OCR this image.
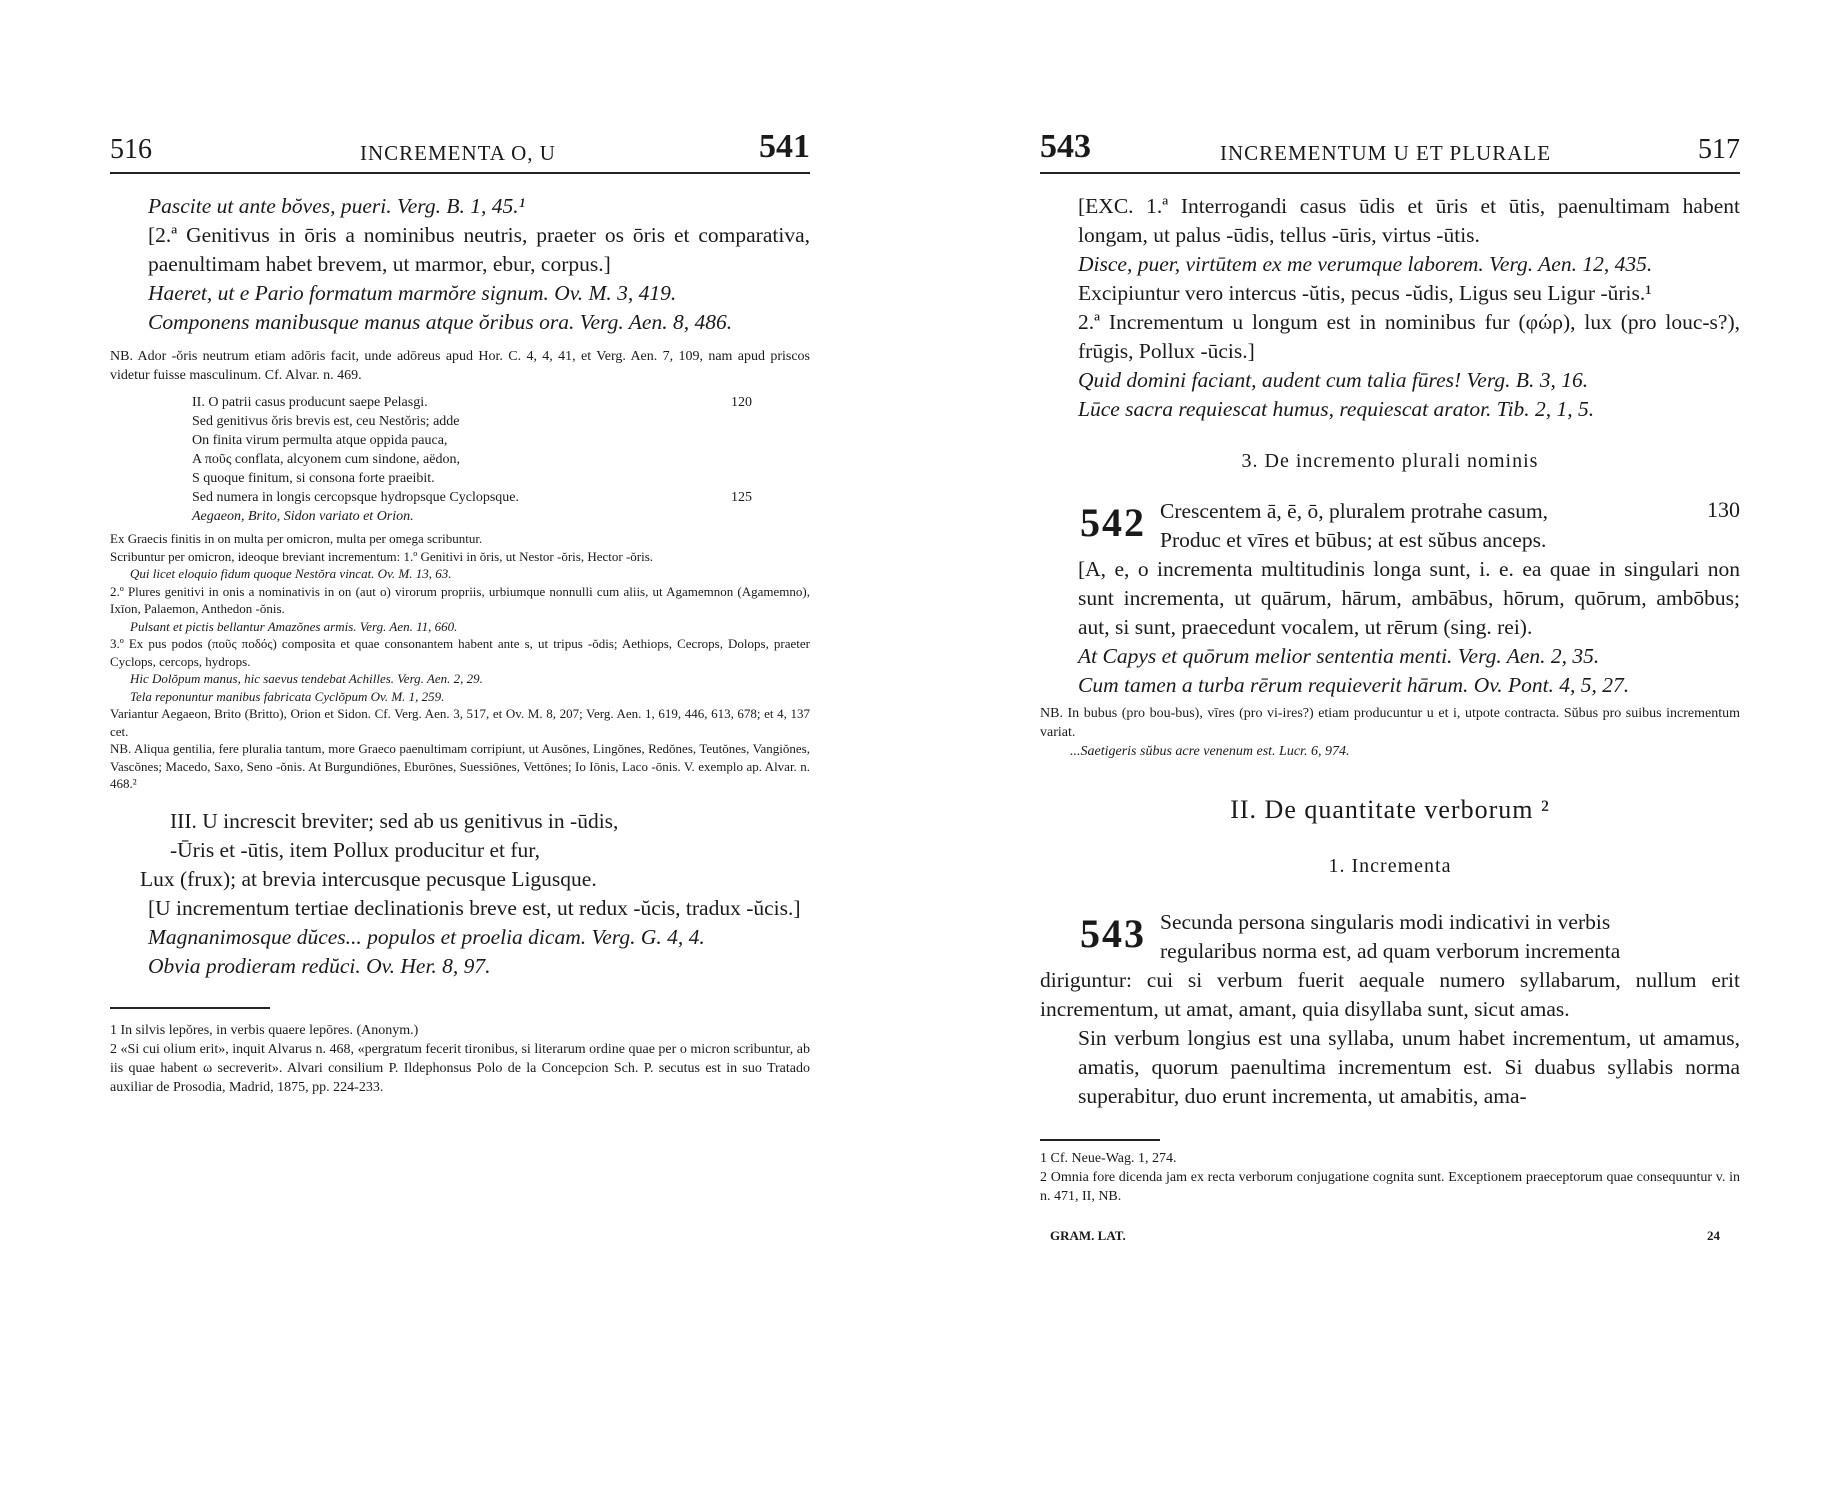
516	INCREMENTA O, U	541

Pascite ut ante bŏves, pueri. Verg. B. 1, 45.¹

[2.ª Genitivus in ōris a nominibus neutris, praeter os ōris et comparativa, paenultimam habet brevem, ut marmor, ebur, corpus.]

Haeret, ut e Pario formatum marmŏre signum. Ov. M. 3, 419.

Componens manibusque manus atque ŏribus ora. Verg. Aen. 8, 486.

NB. Ador -ŏris neutrum etiam adōris facit, unde adōreus apud Hor. C. 4, 4, 41, et Verg. Aen. 7, 109, nam apud priscos videtur fuisse masculinum. Cf. Alvar. n. 469.

II. O patrii casus producunt saepe Pelasgi.	120
Sed genitivus ŏris brevis est, ceu Nestŏris; adde
On finita virum permulta atque oppida pauca,
A ποῦς conflata, alcyonem cum sindone, aëdon,
S quoque finitum, si consona forte praeibit.
Sed numera in longis cercopsque hydropsque Cyclopsque.	125
Aegaeon, Brito, Sidon variato et Orion.

Ex Graecis finitis in on multa per omicron, multa per omega scribuntur.

Scribuntur per omicron, ideoque breviant incrementum: 1.º Genitivi in ŏris, ut Nestor -ŏris, Hector -ŏris.

Qui licet eloquio fidum quoque Nestŏra vincat. Ov. M. 13, 63.

2.º Plures genitivi in onis a nominativis in on (aut o) virorum propriis, urbiumque nonnulli cum aliis, ut Agamemnon (Agamemno), Ixīon, Palaemon, Anthedon -ŏnis.

Pulsant et pictis bellantur Amazŏnes armis. Verg. Aen. 11, 660.

3.º Ex pus podos (ποῦς ποδός) composita et quae consonantem habent ante s, ut tripus -ŏdis; Aethiops, Cecrops, Dolops, praeter Cyclops, cercops, hydrops.

Hic Dolŏpum manus, hic saevus tendebat Achilles. Verg. Aen. 2, 29.

Tela reponuntur manibus fabricata Cyclŏpum Ov. M. 1, 259.

Variantur Aegaeon, Brito (Britto), Orion et Sidon. Cf. Verg. Aen. 3, 517, et Ov. M. 8, 207; Verg. Aen. 1, 619, 446, 613, 678; et 4, 137 cet.

NB. Aliqua gentilia, fere pluralia tantum, more Graeco paenultimam corripiunt, ut Ausŏnes, Lingŏnes, Redŏnes, Teutŏnes, Vangiŏnes, Vascŏnes; Macedo, Saxo, Seno -ŏnis. At Burgundiōnes, Eburōnes, Suessiōnes, Vettōnes; Io Iōnis, Laco -ōnis. V. exemplo ap. Alvar. n. 468.²

III. U increscit breviter; sed ab us genitivus in -ūdis,

-Ūris et -ūtis, item Pollux producitur et fur,

Lux (frux); at brevia intercusque pecusque Ligusque.

[U incrementum tertiae declinationis breve est, ut redux -ŭcis, tradux -ŭcis.]

Magnanimosque dŭces... populos et proelia dicam. Verg. G. 4, 4.

Obvia prodieram redŭci. Ov. Her. 8, 97.

1 In silvis lepŏres, in verbis quaere lepōres. (Anonym.)

2 «Si cui olium erit», inquit Alvarus n. 468, «pergratum fecerit tironibus, si literarum ordine quae per o micron scribuntur, ab iis quae habent ω secreverit». Alvari consilium P. Ildephonsus Polo de la Concepcion Sch. P. secutus est in suo Tratado auxiliar de Prosodia, Madrid, 1875, pp. 224-233.

543	INCREMENTUM U ET PLURALE	517

[EXC. 1.ª Interrogandi casus ūdis et ūris et ūtis, paenultimam habent longam, ut palus -ūdis, tellus -ūris, virtus -ūtis.

Disce, puer, virtūtem ex me verumque laborem. Verg. Aen. 12, 435.

Excipiuntur vero intercus -ŭtis, pecus -ŭdis, Ligus seu Ligur -ŭris.¹

2.ª Incrementum u longum est in nominibus fur (φώρ), lux (pro louc-s?), frūgis, Pollux -ūcis.]

Quid domini faciant, audent cum talia fūres! Verg. B. 3, 16.

Lūce sacra requiescat humus, requiescat arator. Tib. 2, 1, 5.

3. De incremento plurali nominis
542	130

Crescentem ā, ē, ō, pluralem protrahe casum,

Produc et vīres et būbus; at est sŭbus anceps.

[A, e, o incrementa multitudinis longa sunt, i. e. ea quae in singulari non sunt incrementa, ut quārum, hārum, ambābus, hōrum, quōrum, ambōbus; aut, si sunt, praecedunt vocalem, ut rērum (sing. rei).

At Capys et quōrum melior sententia menti. Verg. Aen. 2, 35.

Cum tamen a turba rērum requieverit hārum. Ov. Pont. 4, 5, 27.

NB. In bubus (pro bou-bus), vīres (pro vi-ires?) etiam producuntur u et i, utpote contracta. Sŭbus pro suibus incrementum variat.

...Saetigeris sŭbus acre venenum est. Lucr. 6, 974.

II. De quantitate verborum ²
1. Incrementa
543 Secunda persona singularis modi indicativi in verbis

regularibus norma est, ad quam verborum incrementa

diriguntur: cui si verbum fuerit aequale numero syllabarum, nullum erit incrementum, ut amat, amant, quia disyllaba sunt, sicut amas.

Sin verbum longius est una syllaba, unum habet incrementum, ut amamus, amatis, quorum paenultima incrementum est. Si duabus syllabis norma superabitur, duo erunt incrementa, ut amabitis, ama-

1 Cf. Neue-Wag. 1, 274.

2 Omnia fore dicenda jam ex recta verborum conjugatione cognita sunt. Exceptionem praeceptorum quae consequuntur v. in n. 471, II, NB.

GRAM. LAT.	24
